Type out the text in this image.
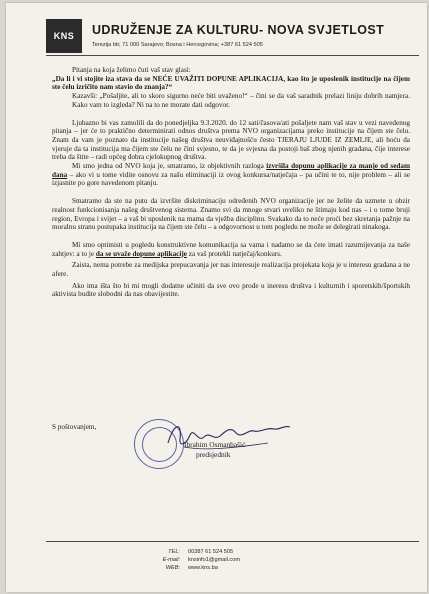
KNS UDRUŽENJE ZA KULTURU- NOVA SVJETLOST
Terezija bb; 71 000 Sarajevo; Bosna i Hercegovina; +387 61 524 505

Pitanja na koja želimo čuti vaš stav glasi:

„Da li i vi stojite iza stava da se NEĆE UVAŽITI DOPUNE APLIKACIJA, kao što je uposlenik institucije na čijem ste čelu izričito nam stavio do znanja?“

Kazavši: „Pošaljite, ali to skoro sigurno neće biti uvaženo!“ – čini se da vaš saradnik prelazi liniju dobrih namjera. Kako vam to izgleda? Ni na to ne morate dati odgovor.

Ljubazno bi vas zamolili da do ponedjeljka 9.3.2020. do 12 sati/časova/ati pošaljete nam vaš stav u vezi navedenog pitanja – jer će to praktično determinirati odnos društva prema NVO organizacijama preko institucije na čijem ste čelu. Znam da vam je poznato da institucije našeg društva neuviđajnošću često TJERAJU LJUDE IZ ZEMLJE, ali hoću da vjeruje da ta institucija ma čijem ste čelu ne čini svjesno, te da je svjesna da postoji baš zbog njenih građana, čije interese treba da štite – radi općeg dobra cjelokupnog društva.

Mi smo jedna od NVO koja je, smatramo, iz objektivnih razloga izvršila dopunu aplikacije za manje od sedam dana – ako vi u tome vidite osnovu za našu eliminaciji iz ovog konkursa/natječaja – pa učini te to, nije problem – ali se izjasnite po gore navedenom pitanju.

Smatramo da ste na putu da izvršite diskriminaciju određenih NVO organizacije jer ne želite da uzmete u obzir realnost funkcionisanja našeg društvenog sistema. Znamo svi da mnoge stvari uveliko ne štimaju kod nas – i o tome bruji region, Evropa i svijet – a vaš bi uposlenik na mama da vježba disciplinu. Svakako da to neće proći bez skretanja pažnje na moralnu stranu postupaka institucija na čijem ste čelu – a odgovornost u tom pogledu ne može se delegirati ninakoga.

Mi smo optimisti u pogledu konstruktivne komunikacija sa vama i nadamo se da ćete imati razumijevanja za naše zahtjev: a to je da se uvaže dopune aplikacije za vaš protekli natječaj/konkurs.

Zaista, nema potrebe za medijska prepucavanja jer nas interesuje realizacija projekata koja je u interesu građana a ne afere.

Ako ima išta što bi mi mogli dodatne učiniti da sve ovo prođe u ineresu društva i kulturnih i sporetskih/športskih aktivista budite slobodni da nas obavijestite.

S poštovanjem,
Ibrahim Osmanbašić
predsjednik
TEL:	00387 61 524 505
E-mail:	knsinfo1@gmail.com
WEB:	www.kns.ba
